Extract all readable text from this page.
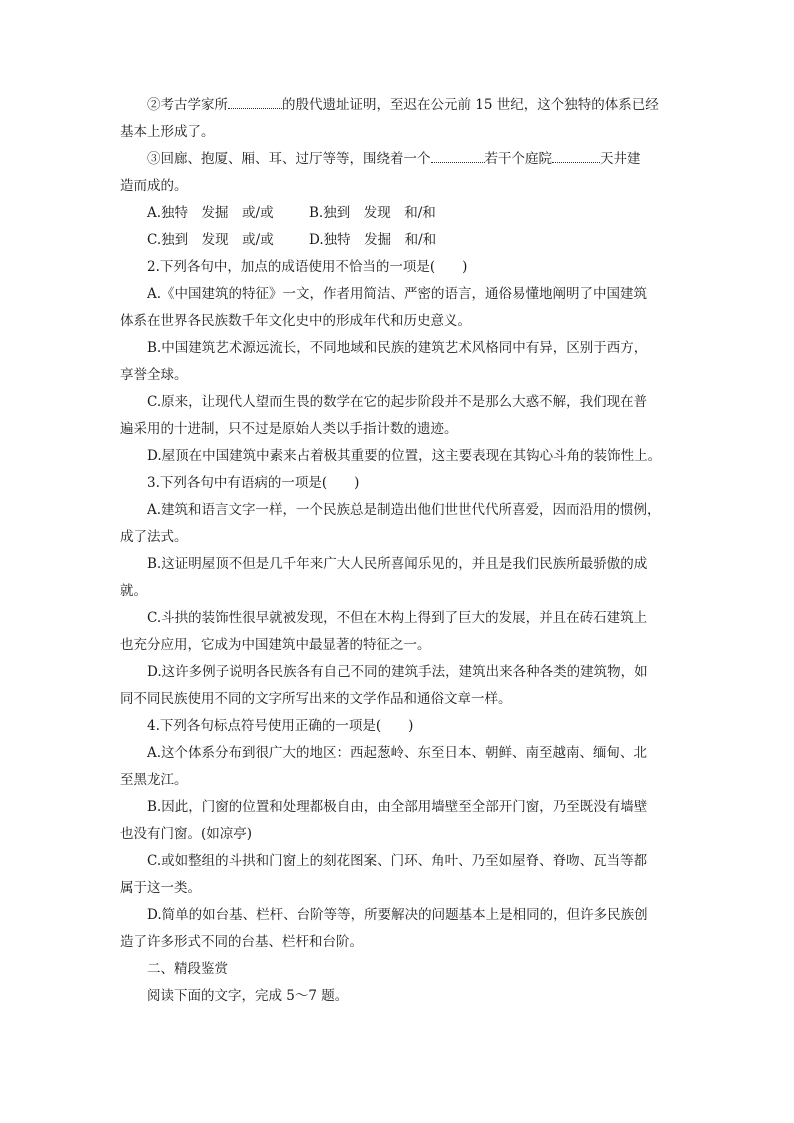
②考古学家所	的殷代遗址证明，至迟在公元前 15 世纪，这个独特的体系已经
基本上形成了。
③回廊、抱厦、厢、耳、过厅等等，围绕着一个	若干个庭院	天井建
造而成的。
A.独特　发掘　或/或	B.独到　发现　和/和
C.独到　发现　或/或	D.独特　发掘　和/和
2.下列各句中，加点的成语使用不恰当的一项是(　　)
A.《中国建筑的特征》一文，作者用简洁、严密的语言，通俗易懂地阐明了中国建筑
体系在世界各民族数千年文化史中的形成年代和历史意义。
B.中国建筑艺术源远流长，不同地域和民族的建筑艺术风格同中有异，区别于西方，
享誉全球。
C.原来，让现代人望而生畏的数学在它的起步阶段并不是那么大惑不解，我们现在普
遍采用的十进制，只不过是原始人类以手指计数的遗迹。
D.屋顶在中国建筑中素来占着极其重要的位置，这主要表现在其钩心斗角的装饰性上。
3.下列各句中有语病的一项是(　　)
A.建筑和语言文字一样，一个民族总是制造出他们世世代代所喜爱，因而沿用的惯例，
成了法式。
B.这证明屋顶不但是几千年来广大人民所喜闻乐见的，并且是我们民族所最骄傲的成
就。
C.斗拱的装饰性很早就被发现，不但在木构上得到了巨大的发展，并且在砖石建筑上
也充分应用，它成为中国建筑中最显著的特征之一。
D.这许多例子说明各民族各有自己不同的建筑手法，建筑出来各种各类的建筑物，如
同不同民族使用不同的文字所写出来的文学作品和通俗文章一样。
4.下列各句标点符号使用正确的一项是(　　)
A.这个体系分布到很广大的地区：西起葱岭、东至日本、朝鲜、南至越南、缅甸、北
至黑龙江。
B.因此，门窗的位置和处理都极自由，由全部用墙壁至全部开门窗，乃至既没有墙壁
也没有门窗。(如凉亭)
C.或如整组的斗拱和门窗上的刻花图案、门环、角叶、乃至如屋脊、脊吻、瓦当等都
属于这一类。
D.简单的如台基、栏杆、台阶等等，所要解决的问题基本上是相同的，但许多民族创
造了许多形式不同的台基、栏杆和台阶。
二、精段鉴赏
阅读下面的文字，完成 5～7 题。
